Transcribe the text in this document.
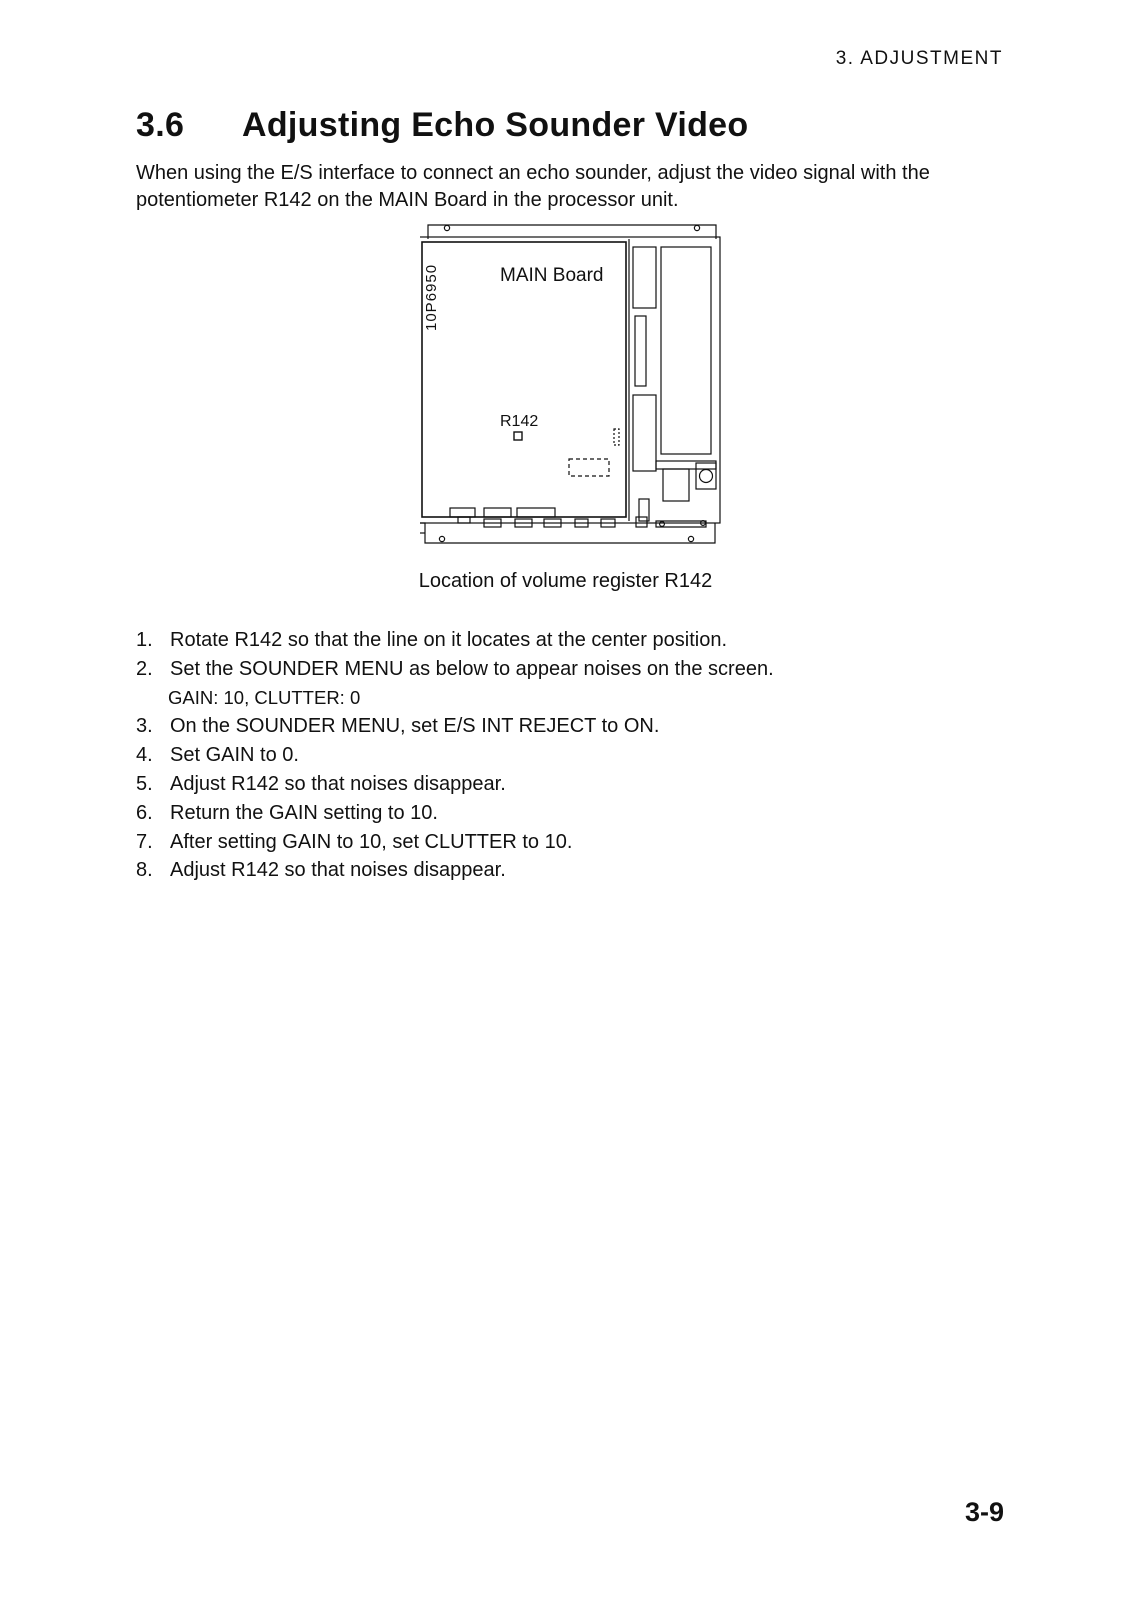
3. ADJUSTMENT
3.6 Adjusting Echo Sounder Video
When using the E/S interface to connect an echo sounder, adjust the video signal with the potentiometer R142 on the MAIN Board in the processor unit.
10P6950	MAIN Board
R142
Location of volume register R142
1. Rotate R142 so that the line on it locates at the center position.
2. Set the SOUNDER MENU as below to appear noises on the screen.
GAIN: 10, CLUTTER: 0
3. On the SOUNDER MENU, set E/S INT REJECT to ON.
4. Set GAIN to 0.
5. Adjust R142 so that noises disappear.
6. Return the GAIN setting to 10.
7. After setting GAIN to 10, set CLUTTER to 10.
8. Adjust R142 so that noises disappear.
3-9
